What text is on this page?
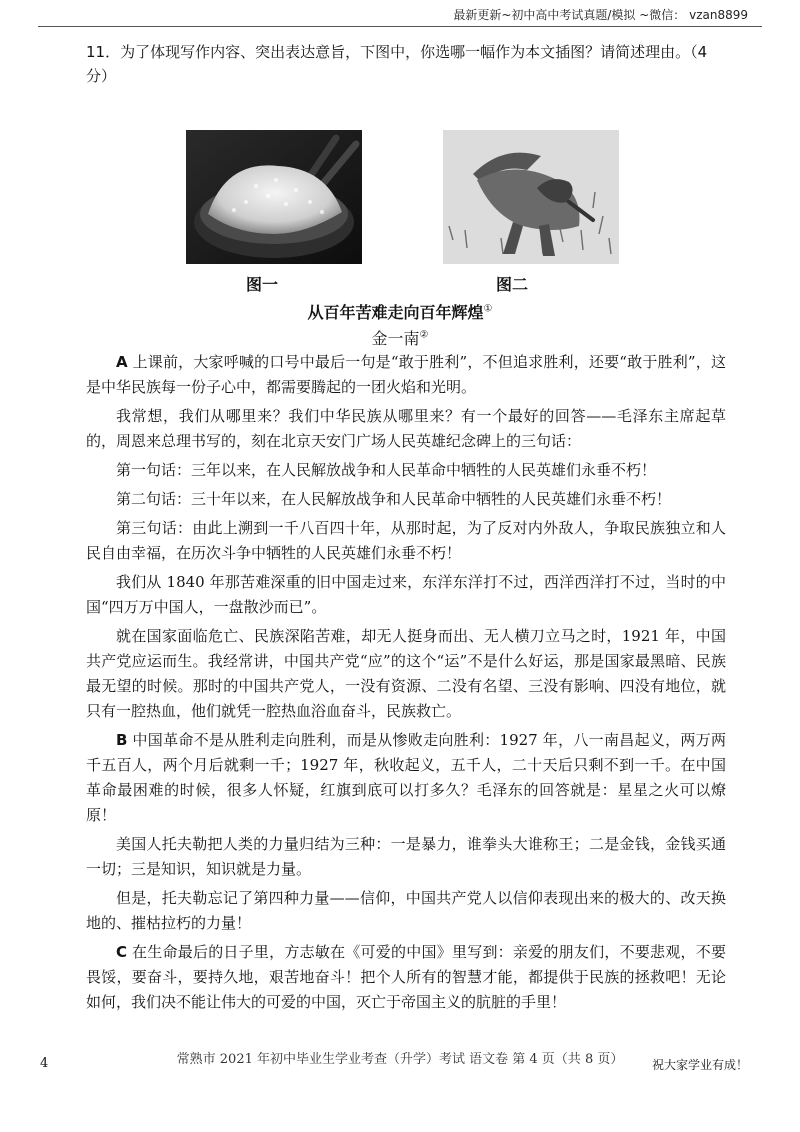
最新更新~初中高中考试真题/模拟 ~微信： vzan8899
11．为了体现写作内容、突出表达意旨，下图中，你选哪一幅作为本文插图？请简述理由。（4分）
图一	图二
从百年苦难走向百年辉煌①
金一南②

A 上课前，大家呼喊的口号中最后一句是“敢于胜利”，不但追求胜利，还要“敢于胜利”，这是中华民族每一份子心中，都需要腾起的一团火焰和光明。

我常想，我们从哪里来？我们中华民族从哪里来？有一个最好的回答——毛泽东主席起草的，周恩来总理书写的，刻在北京天安门广场人民英雄纪念碑上的三句话：

第一句话：三年以来，在人民解放战争和人民革命中牺牲的人民英雄们永垂不朽！

第二句话：三十年以来，在人民解放战争和人民革命中牺牲的人民英雄们永垂不朽！

第三句话：由此上溯到一千八百四十年，从那时起，为了反对内外敌人，争取民族独立和人民自由幸福，在历次斗争中牺牲的人民英雄们永垂不朽！

我们从 1840 年那苦难深重的旧中国走过来，东洋东洋打不过，西洋西洋打不过，当时的中国“四万万中国人，一盘散沙而已”。

就在国家面临危亡、民族深陷苦难，却无人挺身而出、无人横刀立马之时，1921 年，中国共产党应运而生。我经常讲，中国共产党“应”的这个“运”不是什么好运，那是国家最黑暗、民族最无望的时候。那时的中国共产党人，一没有资源、二没有名望、三没有影响、四没有地位，就只有一腔热血，他们就凭一腔热血浴血奋斗，民族救亡。

B 中国革命不是从胜利走向胜利，而是从惨败走向胜利：1927 年，八一南昌起义，两万两千五百人，两个月后就剩一千；1927 年，秋收起义，五千人，二十天后只剩不到一千。在中国革命最困难的时候，很多人怀疑，红旗到底可以打多久？毛泽东的回答就是：星星之火可以燎原！

美国人托夫勒把人类的力量归结为三种：一是暴力，谁拳头大谁称王；二是金钱，金钱买通一切；三是知识，知识就是力量。

但是，托夫勒忘记了第四种力量——信仰，中国共产党人以信仰表现出来的极大的、改天换地的、摧枯拉朽的力量！

C 在生命最后的日子里，方志敏在《可爱的中国》里写到：亲爱的朋友们，不要悲观，不要畏馁，要奋斗，要持久地，艰苦地奋斗！把个人所有的智慧才能，都提供于民族的拯救吧！无论如何，我们决不能让伟大的可爱的中国，灭亡于帝国主义的肮脏的手里！

常熟市 2021 年初中毕业生学业考查（升学）考试 语文卷 第 4 页（共 8 页）
4	祝大家学业有成！
